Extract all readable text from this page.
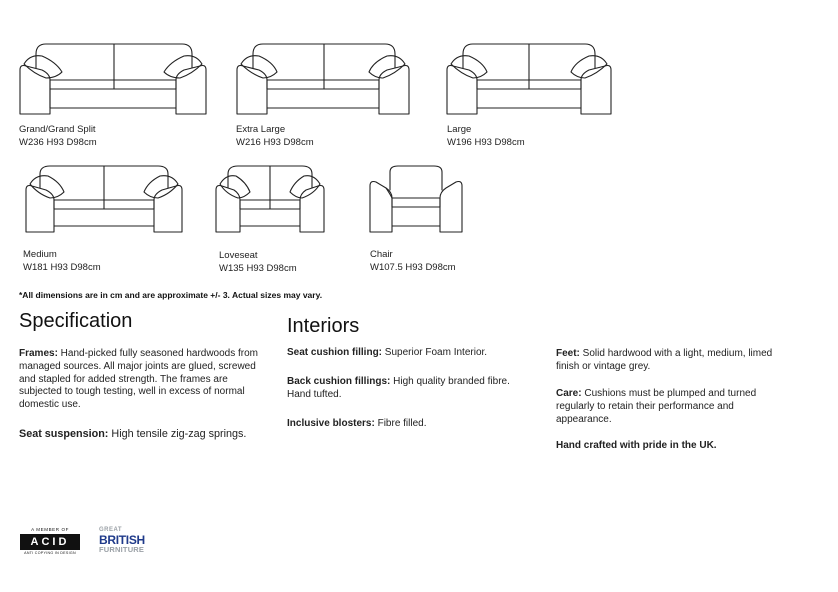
Grand/Grand Split
W236 H93 D98cm
Extra Large
W216 H93 D98cm
Large
W196 H93 D98cm
Medium
W181 H93 D98cm
Loveseat
W135 H93 D98cm
Chair
W107.5 H93 D98cm
*All dimensions are in cm and are approximate +/- 3. Actual sizes may vary.
Specification	Interiors
Frames: Hand-picked fully seasoned hardwoods from managed sources. All major joints are glued, screwed and stapled for added strength. The frames are subjected to tough testing, well in excess of normal domestic use.
Seat suspension: High tensile zig-zag springs.
Seat cushion filling: Superior Foam Interior.
Back cushion fillings: High quality branded fibre. Hand tufted.
Inclusive blosters: Fibre filled.
Feet: Solid hardwood with a light, medium, limed finish or vintage grey.
Care: Cushions must be plumped and turned regularly to retain their performance and appearance.
Hand crafted with pride in the UK.
A MEMBER OF
ACID
ANTI COPYING IN DESIGN
GREAT
BRITISH
FURNITURE
